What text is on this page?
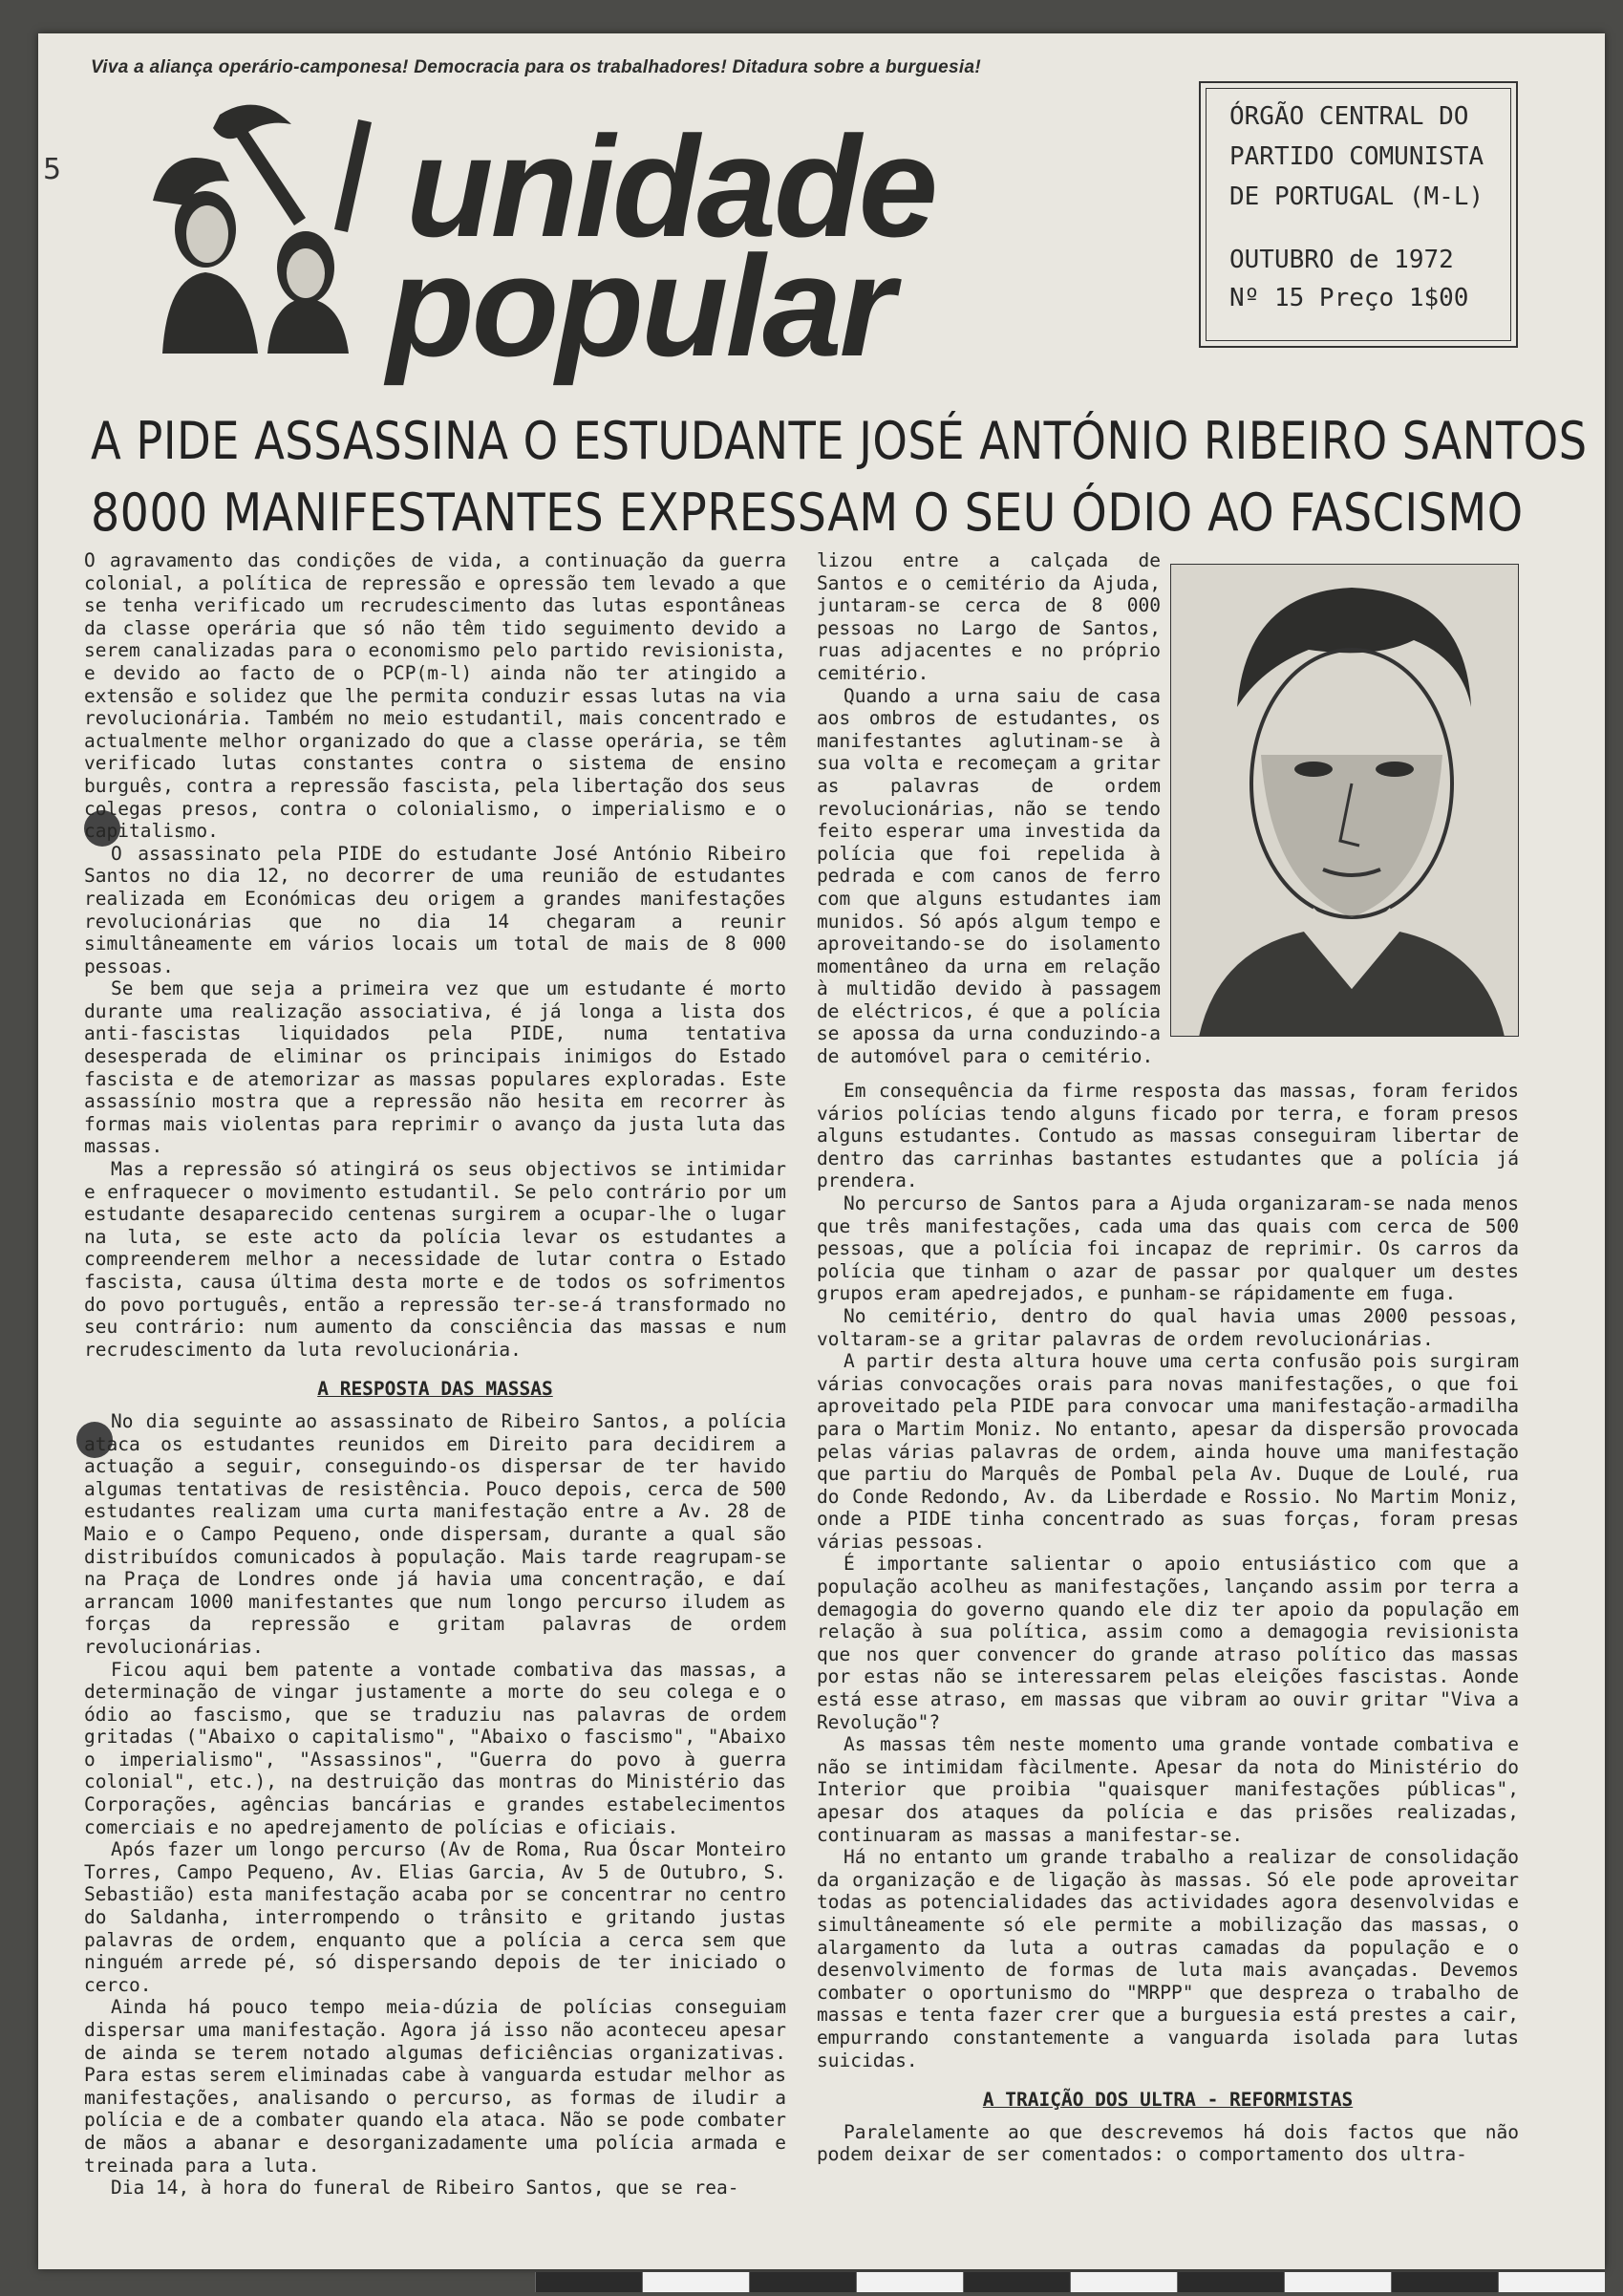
5
Viva a aliança operário-camponesa! Democracia para os trabalhadores! Ditadura sobre a burguesia!
unidade
popular
ÓRGÃO CENTRAL DO
PARTIDO COMUNISTA
DE PORTUGAL (M-L)
OUTUBRO de 1972
Nº 15 Preço 1$00
A PIDE ASSASSINA O ESTUDANTE JOSÉ ANTÓNIO RIBEIRO SANTOS
8000 MANIFESTANTES EXPRESSAM O SEU ÓDIO AO FASCISMO

O agravamento das condições de vida, a continuação da guerra colonial, a política de repressão e opressão tem levado a que se tenha verificado um recrudescimento das lutas espontâneas da classe operária que só não têm tido seguimento devido a serem canalizadas para o economismo pelo partido revisionista, e devido ao facto de o PCP(m-l) ainda não ter atingido a extensão e solidez que lhe permita conduzir essas lutas na via revolucionária. Também no meio estudantil, mais concentrado e actualmente melhor organizado do que a classe operária, se têm verificado lutas constantes contra o sistema de ensino burguês, contra a repressão fascista, pela libertação dos seus colegas presos, contra o colonialismo, o imperialismo e o capitalismo.

O assassinato pela PIDE do estudante José António Ribeiro Santos no dia 12, no decorrer de uma reunião de estudantes realizada em Económicas deu origem a grandes manifestações revolucionárias que no dia 14 chegaram a reunir simultâneamente em vários locais um total de mais de 8 000 pessoas.

Se bem que seja a primeira vez que um estudante é morto durante uma realização associativa, é já longa a lista dos anti-fascistas liquidados pela PIDE, numa tentativa desesperada de eliminar os principais inimigos do Estado fascista e de atemorizar as massas populares exploradas. Este assassínio mostra que a repressão não hesita em recorrer às formas mais violentas para reprimir o avanço da justa luta das massas.

Mas a repressão só atingirá os seus objectivos se intimidar e enfraquecer o movimento estudantil. Se pelo contrário por um estudante desaparecido centenas surgirem a ocupar-lhe o lugar na luta, se este acto da polícia levar os estudantes a compreenderem melhor a necessidade de lutar contra o Estado fascista, causa última desta morte e de todos os sofrimentos do povo português, então a repressão ter-se-á transformado no seu contrário: num aumento da consciência das massas e num recrudescimento da luta revolucionária.

A RESPOSTA DAS MASSAS

No dia seguinte ao assassinato de Ribeiro Santos, a polícia ataca os estudantes reunidos em Direito para decidirem a actuação a seguir, conseguindo-os dispersar de ter havido algumas tentativas de resistência. Pouco depois, cerca de 500 estudantes realizam uma curta manifestação entre a Av. 28 de Maio e o Campo Pequeno, onde dispersam, durante a qual são distribuídos comunicados à população. Mais tarde reagrupam-se na Praça de Londres onde já havia uma concentração, e daí arrancam 1000 manifestantes que num longo percurso iludem as forças da repressão e gritam palavras de ordem revolucionárias.

Ficou aqui bem patente a vontade combativa das massas, a determinação de vingar justamente a morte do seu colega e o ódio ao fascismo, que se traduziu nas palavras de ordem gritadas ("Abaixo o capitalismo", "Abaixo o fascismo", "Abaixo o imperialismo", "Assassinos", "Guerra do povo à guerra colonial", etc.), na destruição das montras do Ministério das Corporações, agências bancárias e grandes estabelecimentos comerciais e no apedrejamento de polícias e oficiais.

Após fazer um longo percurso (Av de Roma, Rua Óscar Monteiro Torres, Campo Pequeno, Av. Elias Garcia, Av 5 de Outubro, S. Sebastião) esta manifestação acaba por se concentrar no centro do Saldanha, interrompendo o trânsito e gritando justas palavras de ordem, enquanto que a polícia a cerca sem que ninguém arrede pé, só dispersando depois de ter iniciado o cerco.

Ainda há pouco tempo meia-dúzia de polícias conseguiam dispersar uma manifestação. Agora já isso não aconteceu apesar de ainda se terem notado algumas deficiências organizativas. Para estas serem eliminadas cabe à vanguarda estudar melhor as manifestações, analisando o percurso, as formas de iludir a polícia e de a combater quando ela ataca. Não se pode combater de mãos a abanar e desorganizadamente uma polícia armada e treinada para a luta.

Dia 14, à hora do funeral de Ribeiro Santos, que se rea-

lizou entre a calçada de Santos e o cemitério da Ajuda, juntaram-se cerca de 8 000 pessoas no Largo de Santos, ruas adjacentes e no próprio cemitério.

Quando a urna saiu de casa aos ombros de estudantes, os manifestantes aglutinam-se à sua volta e recomeçam a gritar as palavras de ordem revolucionárias, não se tendo feito esperar uma investida da polícia que foi repelida à pedrada e com canos de ferro com que alguns estudantes iam munidos. Só após algum tempo e aproveitando-se do isolamento momentâneo da urna em relação à multidão devido à passagem de eléctricos, é que a polícia se apossa da urna conduzindo-a de automóvel para o cemitério.

Em consequência da firme resposta das massas, foram feridos vários polícias tendo alguns ficado por terra, e foram presos alguns estudantes. Contudo as massas conseguiram libertar de dentro das carrinhas bastantes estudantes que a polícia já prendera.

No percurso de Santos para a Ajuda organizaram-se nada menos que três manifestações, cada uma das quais com cerca de 500 pessoas, que a polícia foi incapaz de reprimir. Os carros da polícia que tinham o azar de passar por qualquer um destes grupos eram apedrejados, e punham-se rápidamente em fuga.

No cemitério, dentro do qual havia umas 2000 pessoas, voltaram-se a gritar palavras de ordem revolucionárias.

A partir desta altura houve uma certa confusão pois surgiram várias convocações orais para novas manifestações, o que foi aproveitado pela PIDE para convocar uma manifestação-armadilha para o Martim Moniz. No entanto, apesar da dispersão provocada pelas várias palavras de ordem, ainda houve uma manifestação que partiu do Marquês de Pombal pela Av. Duque de Loulé, rua do Conde Redondo, Av. da Liberdade e Rossio. No Martim Moniz, onde a PIDE tinha concentrado as suas forças, foram presas várias pessoas.

É importante salientar o apoio entusiástico com que a população acolheu as manifestações, lançando assim por terra a demagogia do governo quando ele diz ter apoio da população em relação à sua política, assim como a demagogia revisionista que nos quer convencer do grande atraso político das massas por estas não se interessarem pelas eleições fascistas. Aonde está esse atraso, em massas que vibram ao ouvir gritar "Viva a Revolução"?

As massas têm neste momento uma grande vontade combativa e não se intimidam fàcilmente. Apesar da nota do Ministério do Interior que proibia "quaisquer manifestações públicas", apesar dos ataques da polícia e das prisões realizadas, continuaram as massas a manifestar-se.

Há no entanto um grande trabalho a realizar de consolidação da organização e de ligação às massas. Só ele pode aproveitar todas as potencialidades das actividades agora desenvolvidas e simultâneamente só ele permite a mobilização das massas, o alargamento da luta a outras camadas da população e o desenvolvimento de formas de luta mais avançadas. Devemos combater o oportunismo do "MRPP" que despreza o trabalho de massas e tenta fazer crer que a burguesia está prestes a cair, empurrando constantemente a vanguarda isolada para lutas suicidas.

A TRAIÇÃO DOS ULTRA - REFORMISTAS

Paralelamente ao que descrevemos há dois factos que não podem deixar de ser comentados: o comportamento dos ultra-
